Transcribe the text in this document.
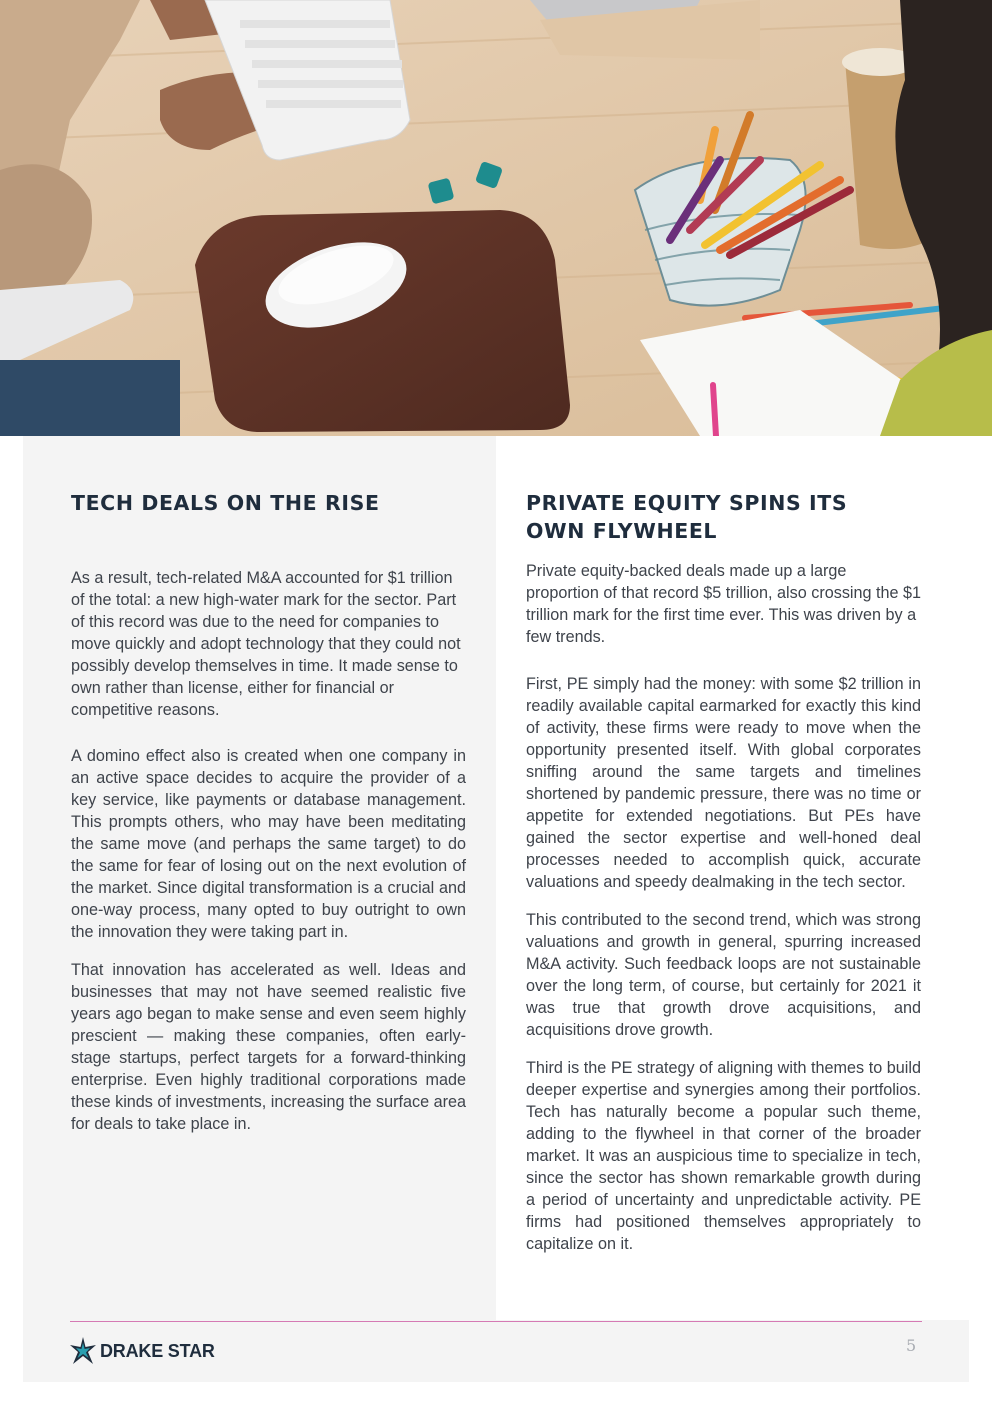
TECH DEALS ON THE RISE

As a result, tech-related M&A accounted for $1 trillion of the total: a new high-water mark for the sector. Part of this record was due to the need for companies to move quickly and adopt technology that they could not possibly develop themselves in time. It made sense to own rather than license, either for financial or competitive reasons.

A domino effect also is created when one company in an active space decides to acquire the provider of a key service, like payments or database management. This prompts others, who may have been meditating the same move (and perhaps the same target) to do the same for fear of losing out on the next evolution of the market. Since digital transformation is a crucial and one-way process, many opted to buy outright to own the innovation they were taking part in.

That innovation has accelerated as well. Ideas and businesses that may not have seemed realistic five years ago began to make sense and even seem highly prescient — making these companies, often early-stage startups, perfect targets for a forward-thinking enterprise. Even highly traditional corporations made these kinds of investments, increasing the surface area for deals to take place in.

PRIVATE EQUITY SPINS ITS
OWN FLYWHEEL

Private equity-backed deals made up a large proportion of that record $5 trillion, also crossing the $1 trillion mark for the first time ever. This was driven by a few trends.

First, PE simply had the money: with some $2 trillion in readily available capital earmarked for exactly this kind of activity, these firms were ready to move when the opportunity presented itself. With global corporates sniffing around the same targets and timelines shortened by pandemic pressure, there was no time or appetite for extended negotiations. But PEs have gained the sector expertise and well-honed deal processes needed to accomplish quick, accurate valuations and speedy dealmaking in the tech sector.

This contributed to the second trend, which was strong valuations and growth in general, spurring increased M&A activity. Such feedback loops are not sustainable over the long term, of course, but certainly for 2021 it was true that growth drove acquisitions, and acquisitions drove growth.

Third is the PE strategy of aligning with themes to build deeper expertise and synergies among their portfolios. Tech has naturally become a popular such theme, adding to the flywheel in that corner of the broader market. It was an auspicious time to specialize in tech, since the sector has shown remarkable growth during a period of uncertainty and unpredictable activity. PE firms had positioned themselves appropriately to capitalize on it.

DRAKE STAR	5
